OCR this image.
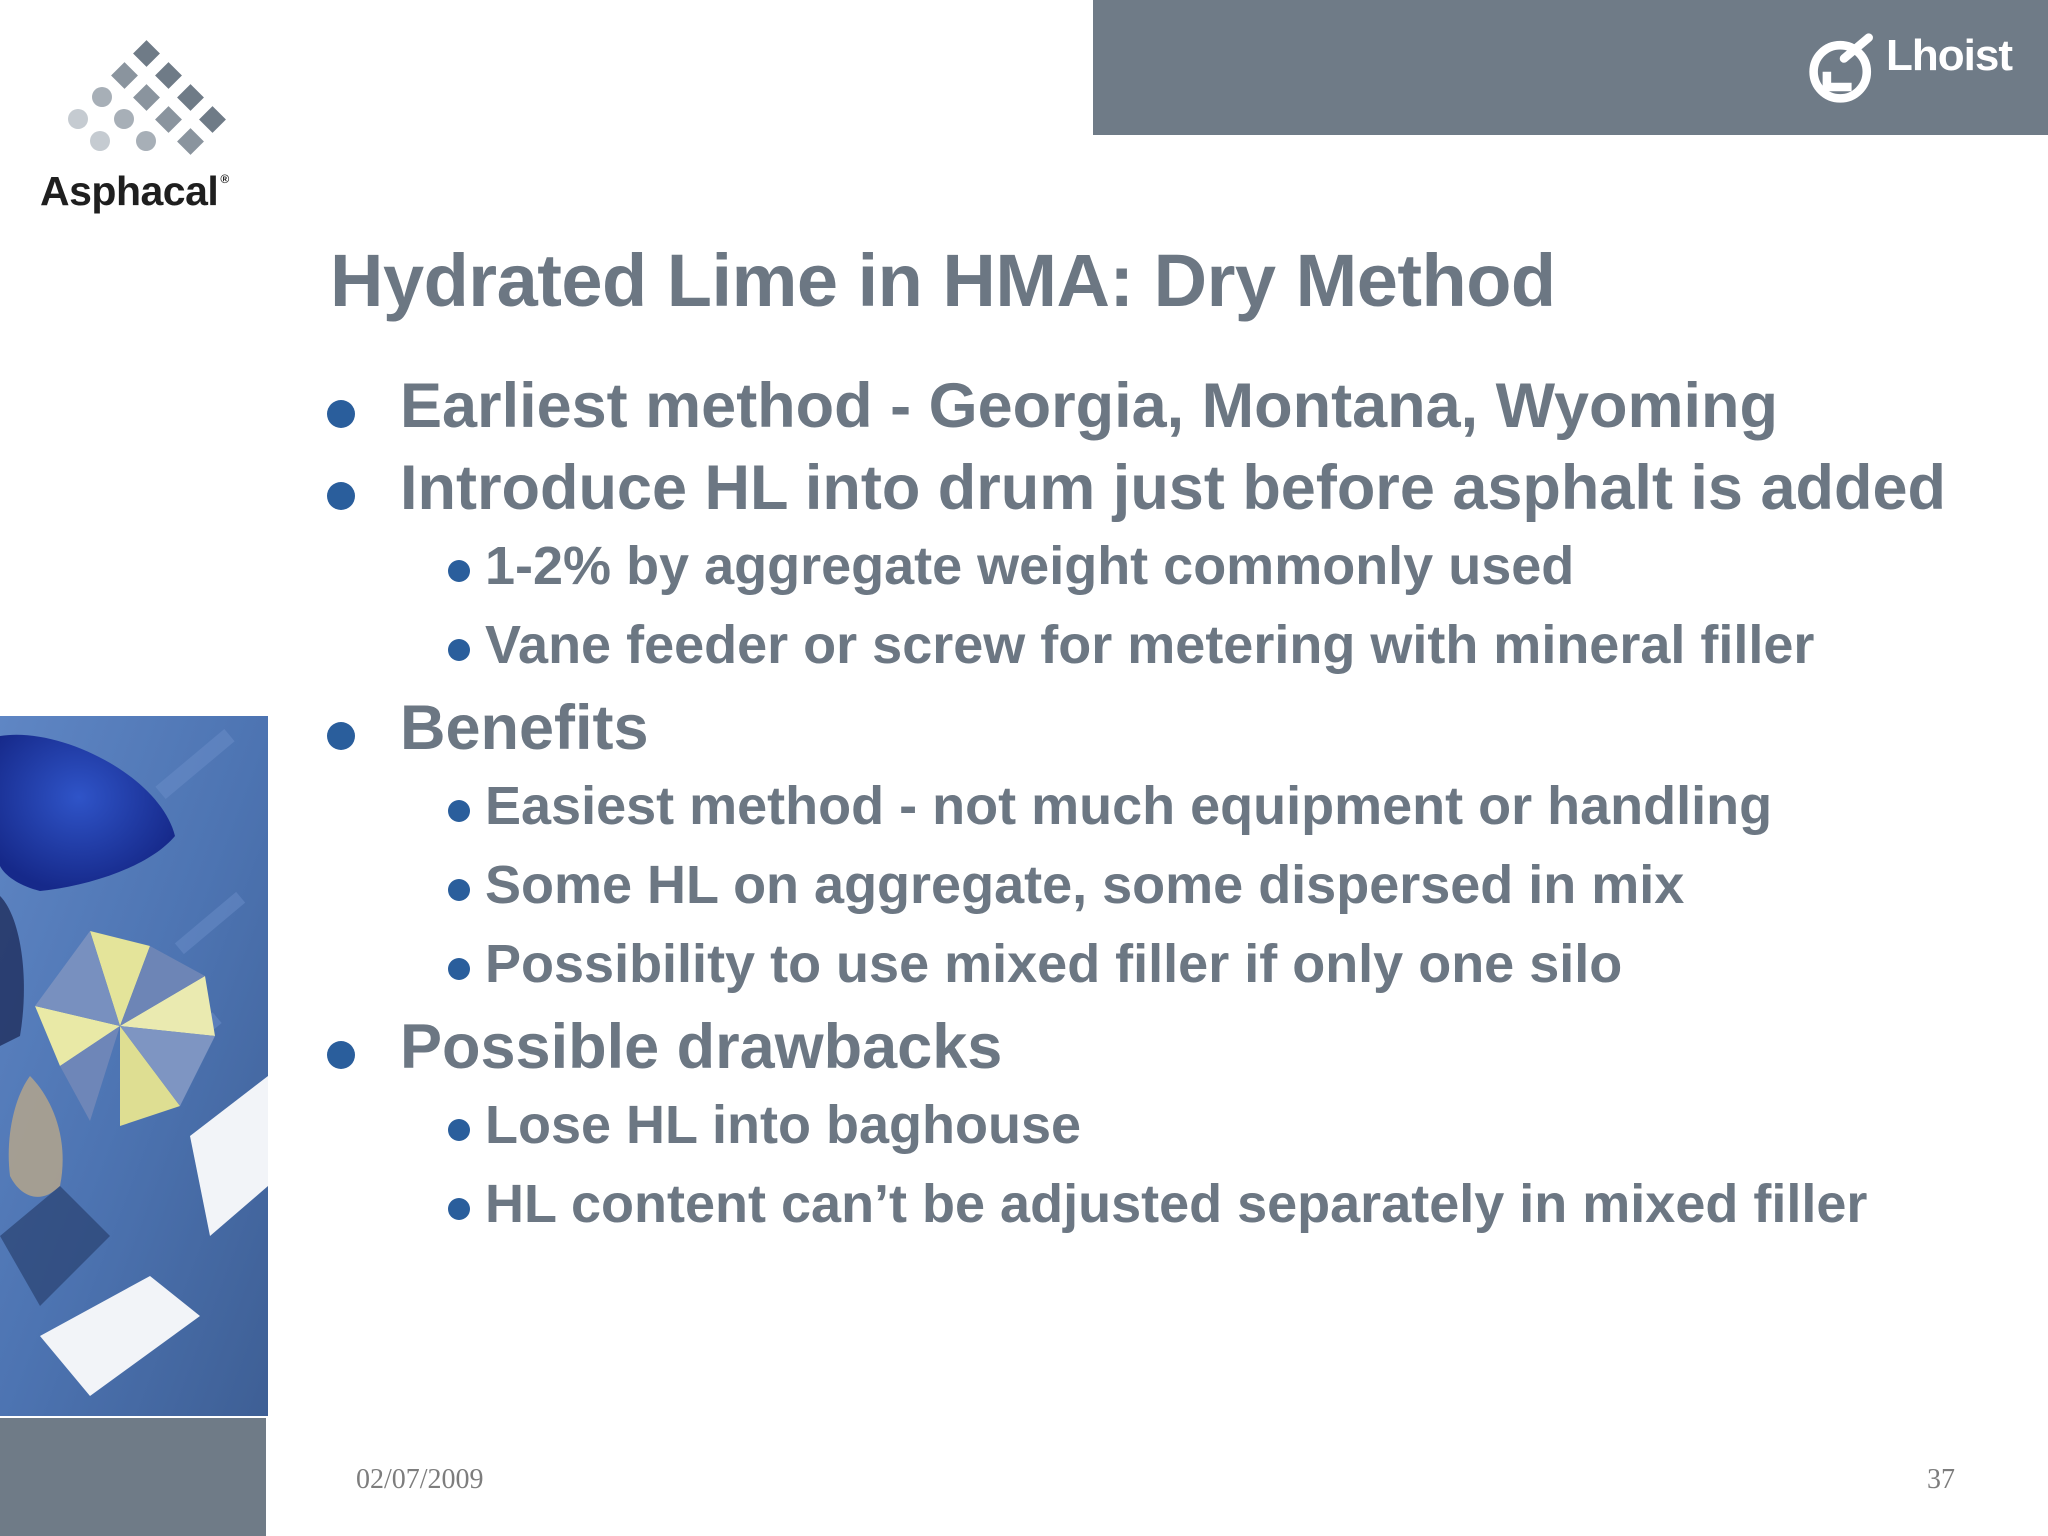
Lhoist
Asphacal ®
Hydrated Lime in HMA: Dry Method
Earliest method - Georgia, Montana, Wyoming
Introduce HL into drum just before asphalt is added
1-2% by aggregate weight commonly used
Vane feeder or screw for metering with mineral filler
Benefits
Easiest method - not much equipment or handling
Some HL on aggregate, some dispersed in mix
Possibility to use mixed filler if only one silo
Possible drawbacks
Lose HL into baghouse
HL content can’t be adjusted separately in mixed filler
02/07/2009	37
